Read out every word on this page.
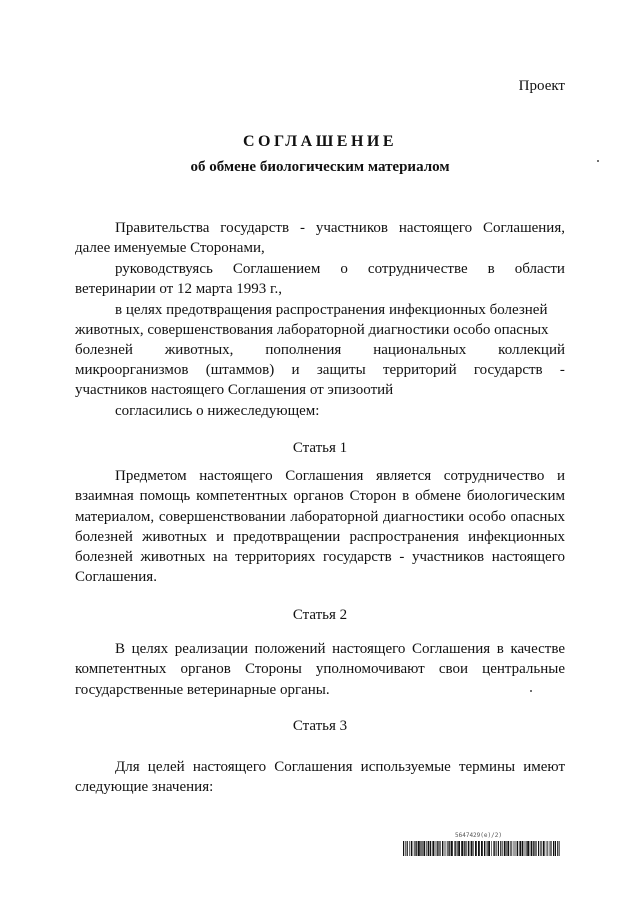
Проект
СОГЛАШЕНИЕ
об обмене биологическим материалом

Правительства государств - участников настоящего Соглашения, далее именуемые Сторонами,

руководствуясь Соглашением о сотрудничестве в области
ветеринарии от 12 марта 1993 г.,
в целях предотвращения распространения инфекционных болезней
животных, совершенствования лабораторной диагностики особо опасных
болезней животных, пополнения национальных коллекций
микроорганизмов (штаммов) и защиты территорий государств -
участников настоящего Соглашения от эпизоотий
согласились о нижеследующем:
Статья 1

Предметом настоящего Соглашения является сотрудничество и взаимная помощь компетентных органов Сторон в обмене биологическим материалом, совершенствовании лабораторной диагностики особо опасных болезней животных и предотвращении распространения инфекционных болезней животных на территориях государств - участников настоящего Соглашения.

Статья 2

В целях реализации положений настоящего Соглашения в качестве компетентных органов Стороны уполномочивают свои центральные государственные ветеринарные органы.

Статья 3

Для целей настоящего Соглашения используемые термины имеют следующие значения:

5647429(e)/2)
